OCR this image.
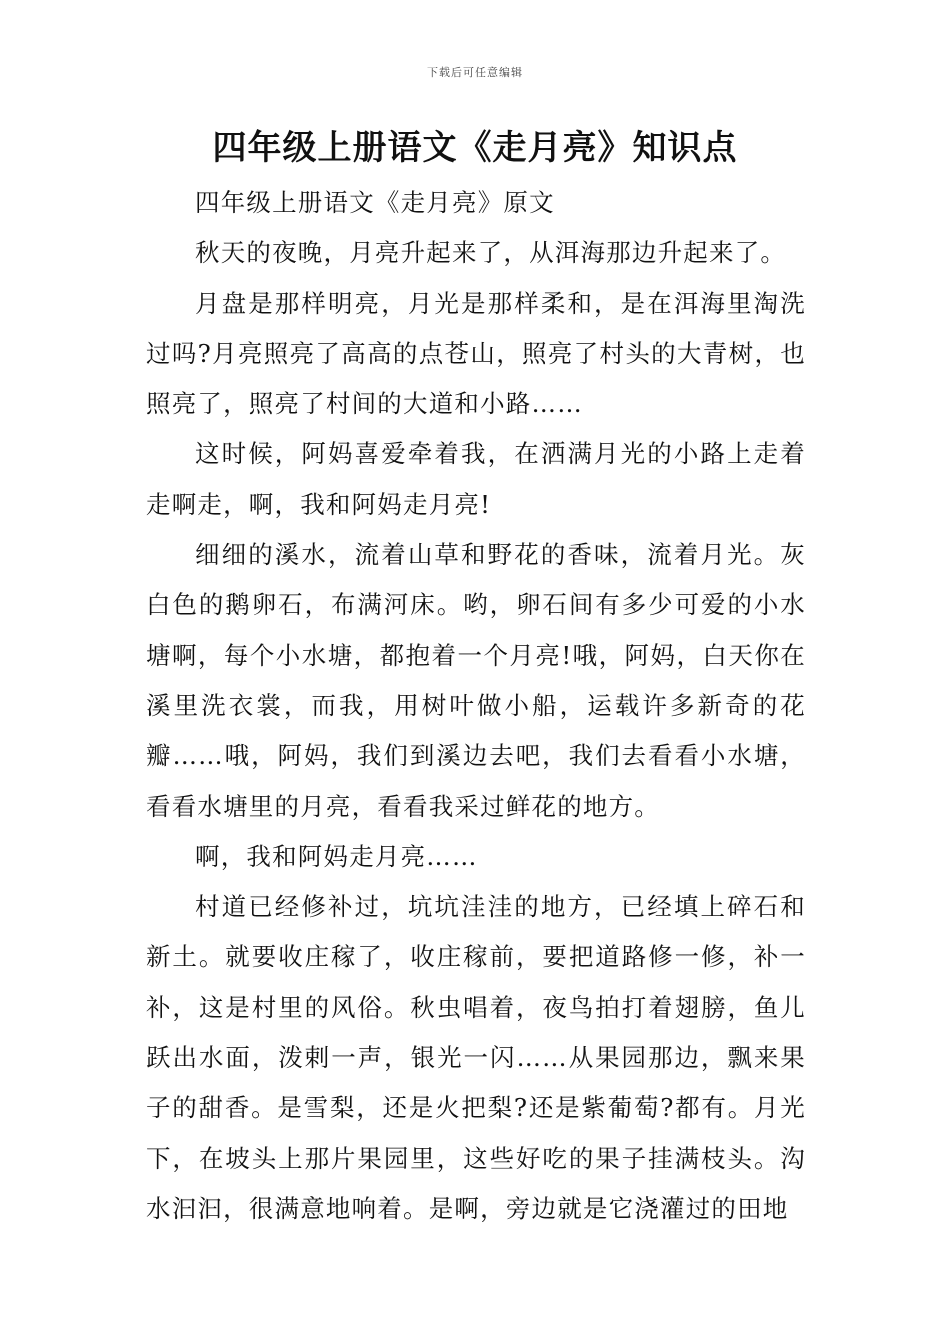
下载后可任意编辑
四年级上册语文《走月亮》知识点

四年级上册语文《走月亮》原文

秋天的夜晚，月亮升起来了，从洱海那边升起来了。

月盘是那样明亮，月光是那样柔和，是在洱海里淘洗过吗?月亮照亮了高高的点苍山，照亮了村头的大青树，也照亮了，照亮了村间的大道和小路……

这时候，阿妈喜爱牵着我，在洒满月光的小路上走着走啊走，啊，我和阿妈走月亮!

细细的溪水，流着山草和野花的香味，流着月光。灰白色的鹅卵石，布满河床。哟，卵石间有多少可爱的小水塘啊，每个小水塘，都抱着一个月亮!哦，阿妈，白天你在溪里洗衣裳，而我，用树叶做小船，运载许多新奇的花瓣……哦，阿妈，我们到溪边去吧，我们去看看小水塘，看看水塘里的月亮，看看我采过鲜花的地方。

啊，我和阿妈走月亮……

村道已经修补过，坑坑洼洼的地方，已经填上碎石和新土。就要收庄稼了，收庄稼前，要把道路修一修，补一补，这是村里的风俗。秋虫唱着，夜鸟拍打着翅膀，鱼儿跃出水面，泼剌一声，银光一闪……从果园那边，飘来果子的甜香。是雪梨，还是火把梨?还是紫葡萄?都有。月光下，在坡头上那片果园里，这些好吃的果子挂满枝头。沟水汩汩，很满意地响着。是啊，旁边就是它浇灌过的田地
